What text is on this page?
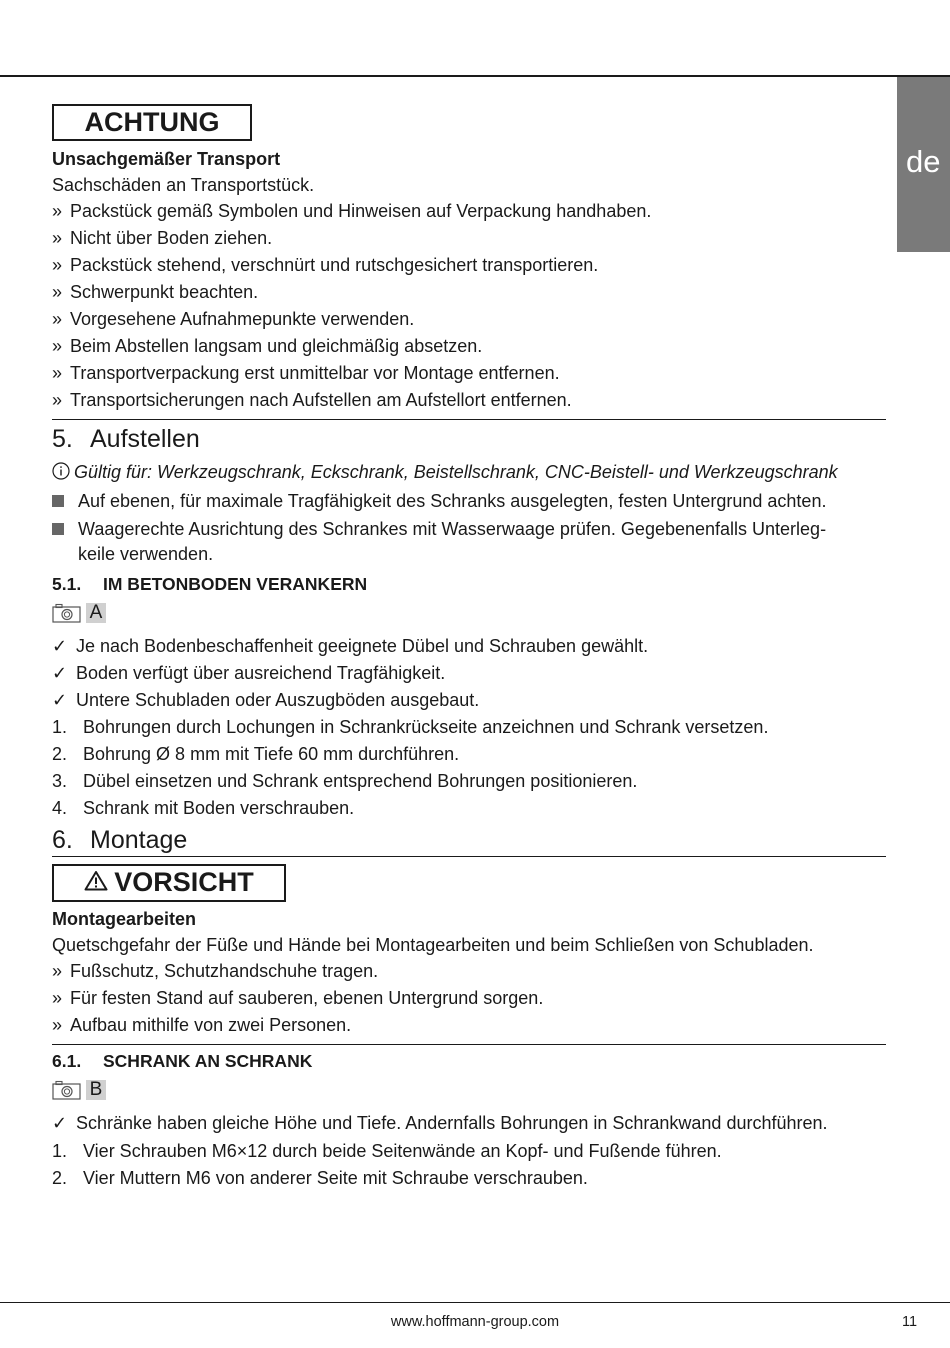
de
ACHTUNG
Unsachgemäßer Transport
Sachschäden an Transportstück.
» Packstück gemäß Symbolen und Hinweisen auf Verpackung handhaben.
» Nicht über Boden ziehen.
» Packstück stehend, verschnürt und rutschgesichert transportieren.
» Schwerpunkt beachten.
» Vorgesehene Aufnahmepunkte verwenden.
» Beim Abstellen langsam und gleichmäßig absetzen.
» Transportverpackung erst unmittelbar vor Montage entfernen.
» Transportsicherungen nach Aufstellen am Aufstellort entfernen.
5. Aufstellen
Gültig für: Werkzeugschrank, Eckschrank, Beistellschrank, CNC-Beistell- und Werkzeugschrank
Auf ebenen, für maximale Tragfähigkeit des Schranks ausgelegten, festen Untergrund achten.
Waagerechte Ausrichtung des Schrankes mit Wasserwaage prüfen. Gegebenenfalls Unterleg-
keile verwenden.
5.1. IM BETONBODEN VERANKERN
A
✓ Je nach Bodenbeschaffenheit geeignete Dübel und Schrauben gewählt.
✓ Boden verfügt über ausreichend Tragfähigkeit.
✓ Untere Schubladen oder Auszugböden ausgebaut.
1. Bohrungen durch Lochungen in Schrankrückseite anzeichnen und Schrank versetzen.
2. Bohrung Ø 8 mm mit Tiefe 60 mm durchführen.
3. Dübel einsetzen und Schrank entsprechend Bohrungen positionieren.
4. Schrank mit Boden verschrauben.
6. Montage
VORSICHT
Montagearbeiten
Quetschgefahr der Füße und Hände bei Montagearbeiten und beim Schließen von Schubladen.
» Fußschutz, Schutzhandschuhe tragen.
» Für festen Stand auf sauberen, ebenen Untergrund sorgen.
» Aufbau mithilfe von zwei Personen.
6.1. SCHRANK AN SCHRANK
B
✓ Schränke haben gleiche Höhe und Tiefe. Andernfalls Bohrungen in Schrankwand durchführen.
1. Vier Schrauben M6×12 durch beide Seitenwände an Kopf- und Fußende führen.
2. Vier Muttern M6 von anderer Seite mit Schraube verschrauben.
www.hoffmann-group.com	11
